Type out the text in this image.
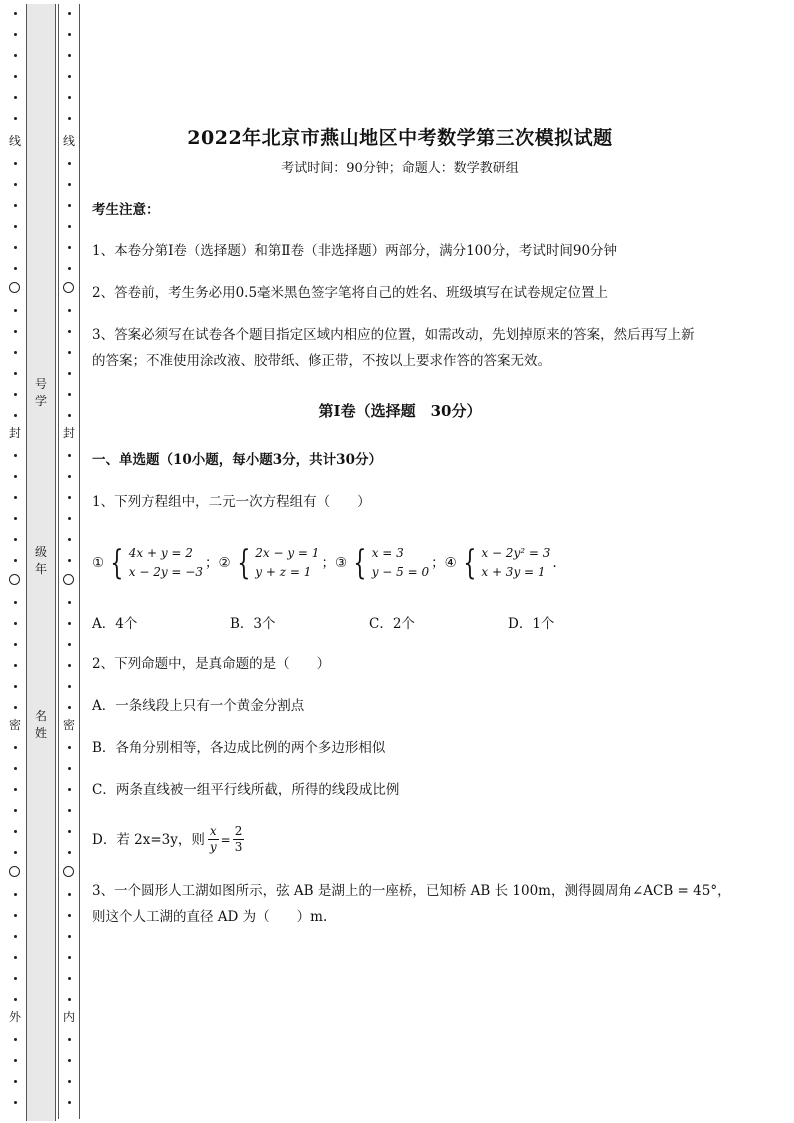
线
封
密
外
号
学
级
年
名
姓
线
封
密
内
2022年北京市燕山地区中考数学第三次模拟试题
考试时间：90分钟；命题人：数学教研组
考生注意：
1、本卷分第I卷（选择题）和第Ⅱ卷（非选择题）两部分，满分100分，考试时间90分钟
2、答卷前，考生务必用0.5毫米黑色签字笔将自己的姓名、班级填写在试卷规定位置上
3、答案必须写在试卷各个题目指定区域内相应的位置，如需改动，先划掉原来的答案，然后再写上新
的答案；不准使用涂改液、胶带纸、修正带，不按以上要求作答的答案无效。
第I卷（选择题　30分）
一、单选题（10小题，每小题3分，共计30分）
1、下列方程组中，二元一次方程组有（　　）
① { 4x + y = 2
x − 2y = −3
； ② { 2x − y = 1
y + z = 1
； ③ { x = 3
y − 5 = 0
； ④ { x − 2y² = 3
x + 3y = 1
.
A．4个	B．3个	C．2个	D．1个
2、下列命题中，是真命题的是（　　）
A．一条线段上只有一个黄金分割点
B．各角分别相等，各边成比例的两个多边形相似
C．两条直线被一组平行线所截，所得的线段成比例
D．若 2x=3y，则 $\frac{x}{y} = \frac{2}{3}$
3、一个圆形人工湖如图所示，弦 AB 是湖上的一座桥，已知桥 AB 长 100m，测得圆周角∠ACB = 45°，
则这个人工湖的直径 AD 为（　　）m.
